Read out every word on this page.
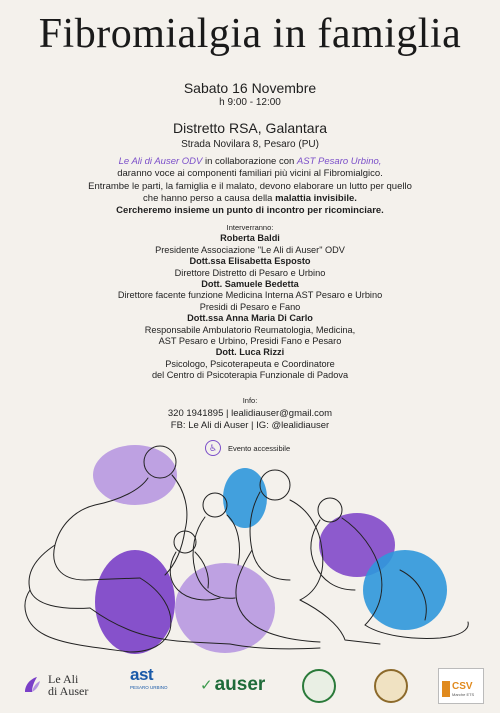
Fibromialgia in famiglia
Sabato 16 Novembre
h 9:00 - 12:00
Distretto RSA, Galantara
Strada Novilara 8, Pesaro (PU)
Le Ali di Auser ODV in collaborazione con AST Pesaro Urbino,
daranno voce ai componenti familiari più vicini al Fibromialgico.
Entrambe le parti, la famiglia e il malato, devono elaborare un lutto per quello
che hanno perso a causa della malattia invisibile.
Cercheremo insieme un punto di incontro per ricominciare.
Interverranno:
Roberta Baldi
Presidente Associazione "Le Ali di Auser" ODV
Dott.ssa Elisabetta Esposto
Direttore Distretto di Pesaro e Urbino
Dott. Samuele Bedetta
Direttore facente funzione Medicina Interna AST Pesaro e Urbino
Presidi di Pesaro e Fano
Dott.ssa Anna Maria Di Carlo
Responsabile Ambulatorio Reumatologia, Medicina,
AST Pesaro e Urbino, Presidi Fano e Pesaro
Dott. Luca Rizzi
Psicologo, Psicoterapeuta e Coordinatore
del Centro di Psicoterapia Funzionale di Padova
Info:
320 1941895 | lealidiauser@gmail.com
FB: Le Ali di Auser | IG: @lealidiauser
♿	Evento accessibile
Le Ali
di Auser
ast
PESARO URBINO ✓ auser	CSV
Marche ETS
